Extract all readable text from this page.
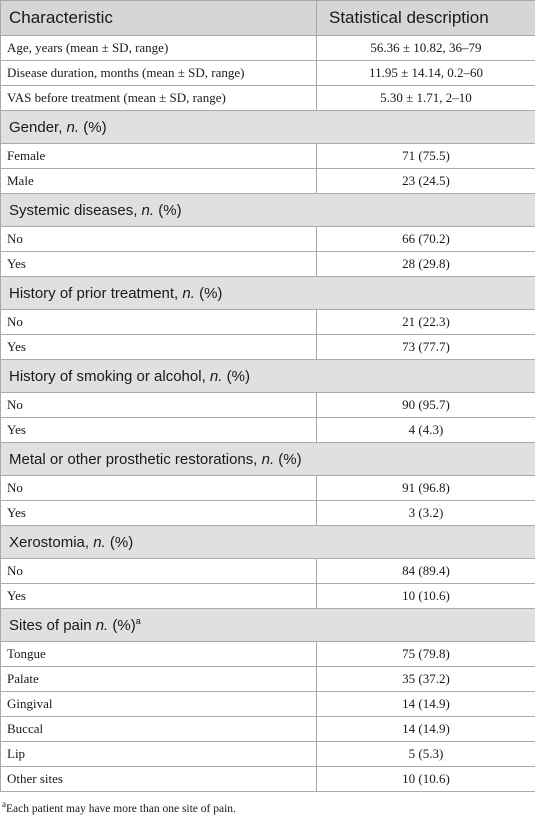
Characteristic	Statistical description
Age, years (mean ± SD, range)	56.36 ± 10.82, 36–79
Disease duration, months (mean ± SD, range)	11.95 ± 14.14, 0.2–60
VAS before treatment (mean ± SD, range)	5.30 ± 1.71, 2–10
Gender, n. (%)	
Female	71 (75.5)
Male	23 (24.5)
Systemic diseases, n. (%)	
No	66 (70.2)
Yes	28 (29.8)
History of prior treatment, n. (%)	
No	21 (22.3)
Yes	73 (77.7)
History of smoking or alcohol, n. (%)	
No	90 (95.7)
Yes	4 (4.3)
Metal or other prosthetic restorations, n. (%)	
No	91 (96.8)
Yes	3 (3.2)
Xerostomia, n. (%)	
No	84 (89.4)
Yes	10 (10.6)
Sites of pain n. (%)$^a$
Tongue	75 (79.8)
Palate	35 (37.2)
Gingival	14 (14.9)
Buccal	14 (14.9)
Lip	5 (5.3)
Other sites	10 (10.6)
$^a$Each patient may have more than one site of pain.
